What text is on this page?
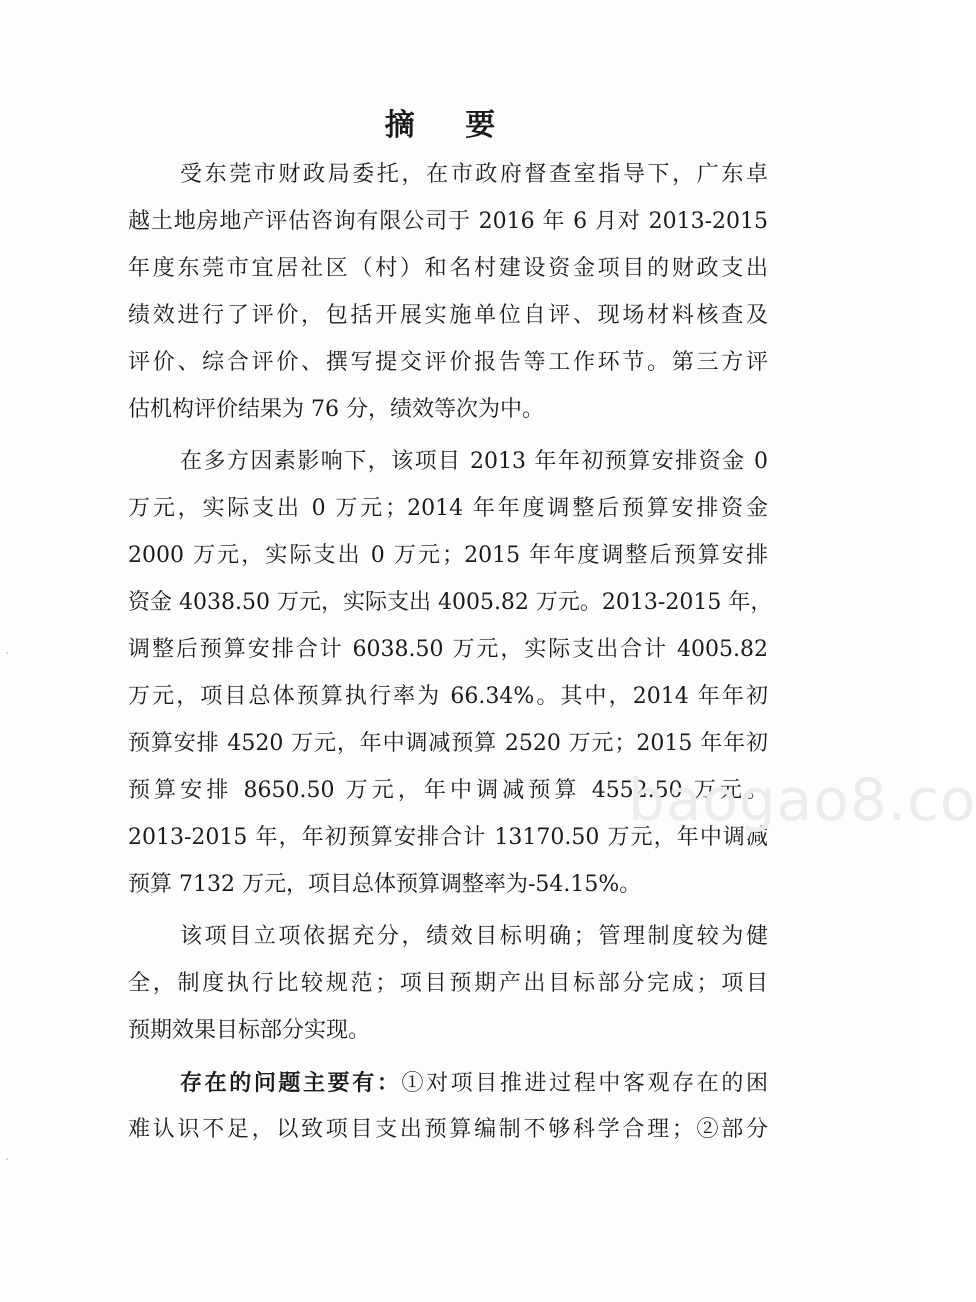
摘 要
受东莞市财政局委托，在市政府督查室指导下，广东卓
越土地房地产评估咨询有限公司于 2016 年 6 月对 2013-2015
年度东莞市宜居社区（村）和名村建设资金项目的财政支出
绩效进行了评价，包括开展实施单位自评、现场材料核查及
评价、综合评价、撰写提交评价报告等工作环节。第三方评
估机构评价结果为 76 分，绩效等次为中。
在多方因素影响下，该项目 2013 年年初预算安排资金 0
万元，实际支出 0 万元；2014 年年度调整后预算安排资金
2000 万元，实际支出 0 万元；2015 年年度调整后预算安排
资金 4038.50 万元，实际支出 4005.82 万元。2013-2015 年，
调整后预算安排合计 6038.50 万元，实际支出合计 4005.82
万元，项目总体预算执行率为 66.34%。其中，2014 年年初
预算安排 4520 万元，年中调减预算 2520 万元；2015 年年初
预算安排 8650.50 万元，年中调减预算 4552.50 万元。
2013-2015 年，年初预算安排合计 13170.50 万元，年中调减
预算 7132 万元，项目总体预算调整率为-54.15%。
该项目立项依据充分，绩效目标明确；管理制度较为健
全，制度执行比较规范；项目预期产出目标部分完成；项目
预期效果目标部分实现。
存在的问题主要有：①对项目推进过程中客观存在的困
难认识不足，以致项目支出预算编制不够科学合理；②部分
baogao8.co
